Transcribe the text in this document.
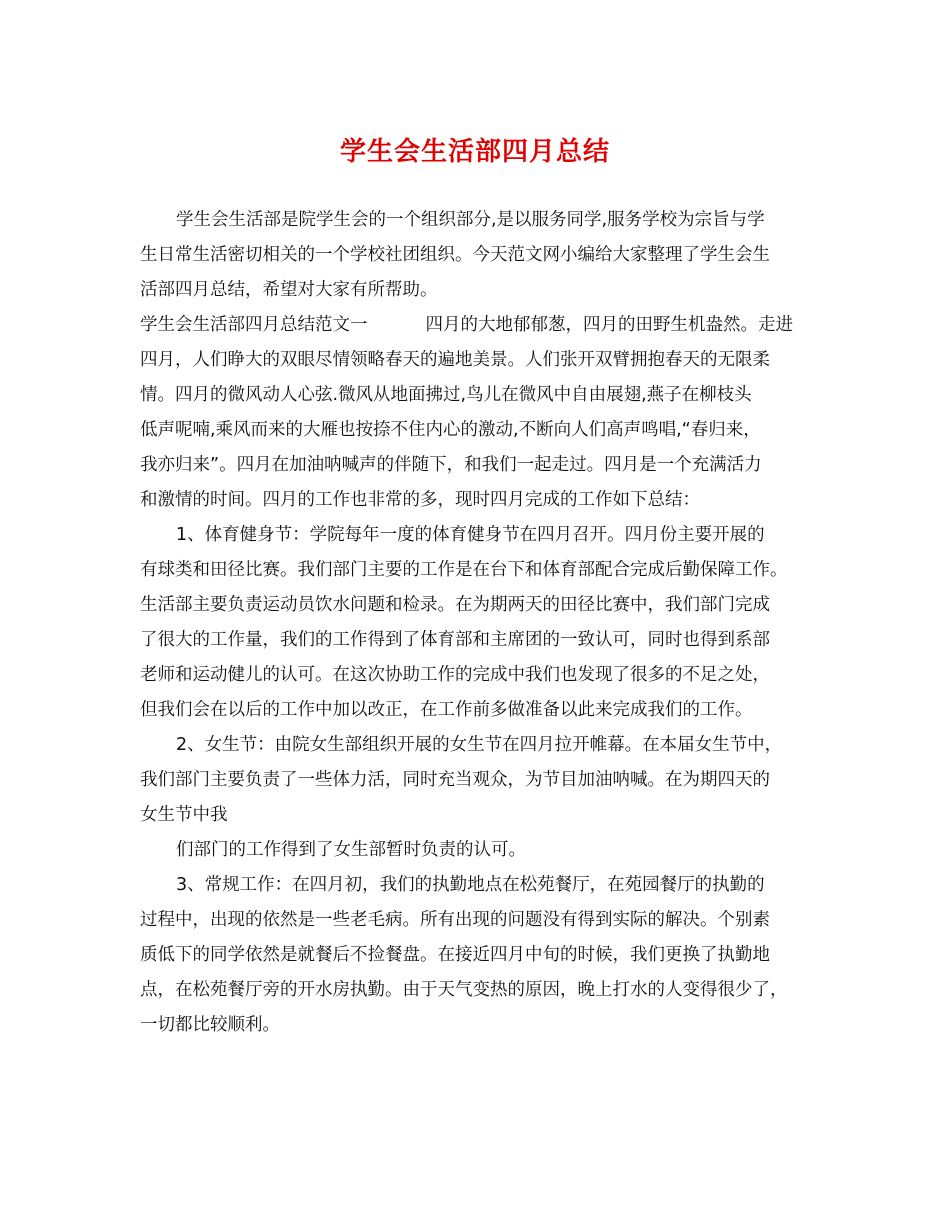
学生会生活部四月总结
学生会生活部是院学生会的一个组织部分,是以服务同学,服务学校为宗旨与学
生日常生活密切相关的一个学校社团组织。今天范文网小编给大家整理了学生会生
活部四月总结，希望对大家有所帮助。
学生会生活部四月总结范文一	四月的大地郁郁葱，四月的田野生机盎然。走进
四月，人们睁大的双眼尽情领略春天的遍地美景。人们张开双臂拥抱春天的无限柔
情。四月的微风动人心弦.微风从地面拂过,鸟儿在微风中自由展翅,燕子在柳枝头
低声呢喃,乘风而来的大雁也按捺不住内心的激动,不断向人们高声鸣唱,“春归来，
我亦归来”。四月在加油呐喊声的伴随下，和我们一起走过。四月是一个充满活力
和激情的时间。四月的工作也非常的多，现时四月完成的工作如下总结：
1、体育健身节：学院每年一度的体育健身节在四月召开。四月份主要开展的
有球类和田径比赛。我们部门主要的工作是在台下和体育部配合完成后勤保障工作。
生活部主要负责运动员饮水问题和检录。在为期两天的田径比赛中，我们部门完成
了很大的工作量，我们的工作得到了体育部和主席团的一致认可，同时也得到系部
老师和运动健儿的认可。在这次协助工作的完成中我们也发现了很多的不足之处，
但我们会在以后的工作中加以改正，在工作前多做准备以此来完成我们的工作。
2、女生节：由院女生部组织开展的女生节在四月拉开帷幕。在本届女生节中，
我们部门主要负责了一些体力活，同时充当观众，为节目加油呐喊。在为期四天的
女生节中我
们部门的工作得到了女生部暂时负责的认可。
3、常规工作：在四月初，我们的执勤地点在松苑餐厅，在苑园餐厅的执勤的
过程中，出现的依然是一些老毛病。所有出现的问题没有得到实际的解决。个别素
质低下的同学依然是就餐后不捡餐盘。在接近四月中旬的时候，我们更换了执勤地
点，在松苑餐厅旁的开水房执勤。由于天气变热的原因，晚上打水的人变得很少了，
一切都比较顺利。
